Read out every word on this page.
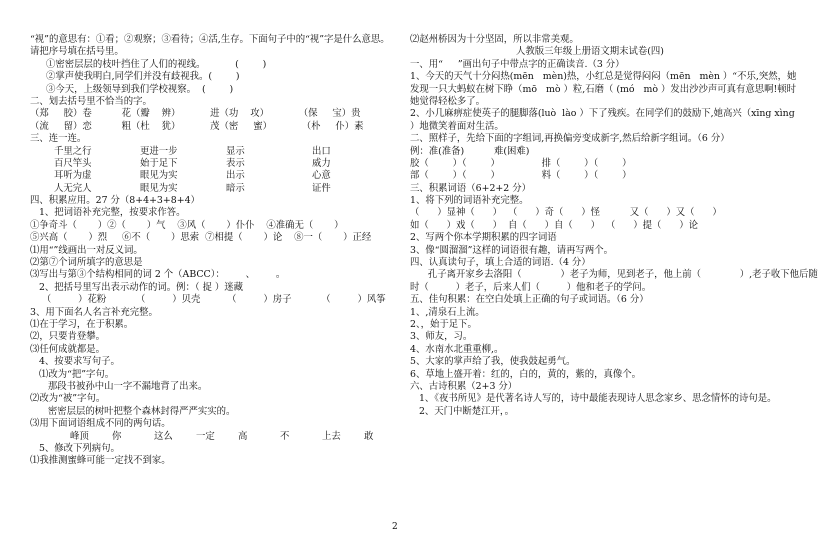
“视”的意思有：①看；②观察；③看待；④活,生存。下面句子中的“视”字是什么意思。
请把序号填在括号里。
①密密层层的枝叶挡住了人们的视线。          (        )
②掌声使我明白,同学们并没有歧视我。(        )
③今天，上级领导到我们学校视察。  (        )
二、划去括号里不恰当的字。
（郑     胶）卷          花（瓣    辨）          进（功    攻）          （保     宝）贵
（流     留）恋          粗（杜    犹）          茂（密     蜜）          （朴     仆）素
三、连一连。
千里之行	更进一步	显示	出口
百尺竿头	始于足下	表示	威力
耳听为虚	眼见为实	出示	心意
人无完人	眼见为实	暗示	证件
四、积累应用。27 分（8+4+3+8+4）
1、把词语补充完整，按要求作答。
①争奇斗（       ）②（       ）气    ③风（       ）仆仆    ④准确无（       ）
⑤兴高（       ）烈     ⑥不（       ）思索  ⑦相提（       ）论    ⑧一（       ）正经
⑴用“”线画出一对反义词。
⑵第⑦个词所填字的意思是
⑶写出与第③个结构相同的词 2 个（ABCC）：       、       。
2、把括号里写出表示动作的词。例：（ 捉 ）迷藏
（         ）花粉          （         ）贝壳         （         ）房子          （         ）风筝
3、用下面名人名言补充完整。
⑴在于学习，在于积累。
⑵，只要肯登攀。
⑶任何成就都是。
4、按要求写句子。
⑴改为“把”字句。
那段书被孙中山一字不漏地背了出来。
⑵改为“被”字句。
密密层层的树叶把整个森林封得严严实实的。
⑶用下面词语组成不同的两句话。
峰顶	你	这么	一定	高	不	上去	敢
5、修改下列病句。
⑴我推测蜜蜂可能一定找不到家。
⑵赵州桥因为十分坚固，所以非常美观。
人教版三年级上册语文期末试卷(四)
一、用“     ”画出句子中带点字的正确读音.（3 分）
1、今天的天气十分闷热(mēn   mèn)热，小红总是觉得闷闷（mēn   mèn ）“不乐,突然，她
发现一只大蚂蚁在树下睁（mō   mò ）粒,石磨（ (mó   mò ）发出沙沙声可真有意思啊!顿时
她觉得轻松多了。
2、小几麻痹症使英子的腿脚落(luò  lào ）下了残疾。在同学们的鼓励下,她高兴（xīng xìng
）地微笑着面对生活。
二、照样子，先给下面的字组词,再换偏旁变成新字,然后给新字组词。（6 分）
例：准(准备)          难(困难)
胶（        ）（        ）              排（        ）（        ）
部（        ）（        ）              料（        ）（        ）
三、积累词语（6+2+2 分）
1、将下列的词语补充完整。
（      ）显神（      ）  （      ）奇（      ）怪          又（      ）又（      ）
如（      ）戏（      ）  自（      ）自（      ）  （      ）提（      ）论
2、写两个你本学期积累的四字词语
3、像“圆溜溜”这样的词语很有趣，请再写两个。
四、认真读句子，填上合适的词语.（4 分）
孔子离开家乡去洛阳（             ）老子为师，见到老子，他上前（             ）,老子收下他后随
时（         ）老子，后来人们（         ）他和老子的学问。
五、佳句积累：在空白处填上正确的句子或词语。（6 分）
1、,清泉石上流。
2、，始于足下。
3、师友，习。
4、水南水北重重柳,。
5、大家的掌声给了我，使我鼓起勇气。
6、草地上盛开着：红的，白的，黄的，紫的，真像个。
六、古诗积累（2+3 分）
1、《夜书所见》是代著名诗人写的，诗中最能表现诗人思念家乡、思念情怀的诗句是。
2、天门中断楚江开，。
2
